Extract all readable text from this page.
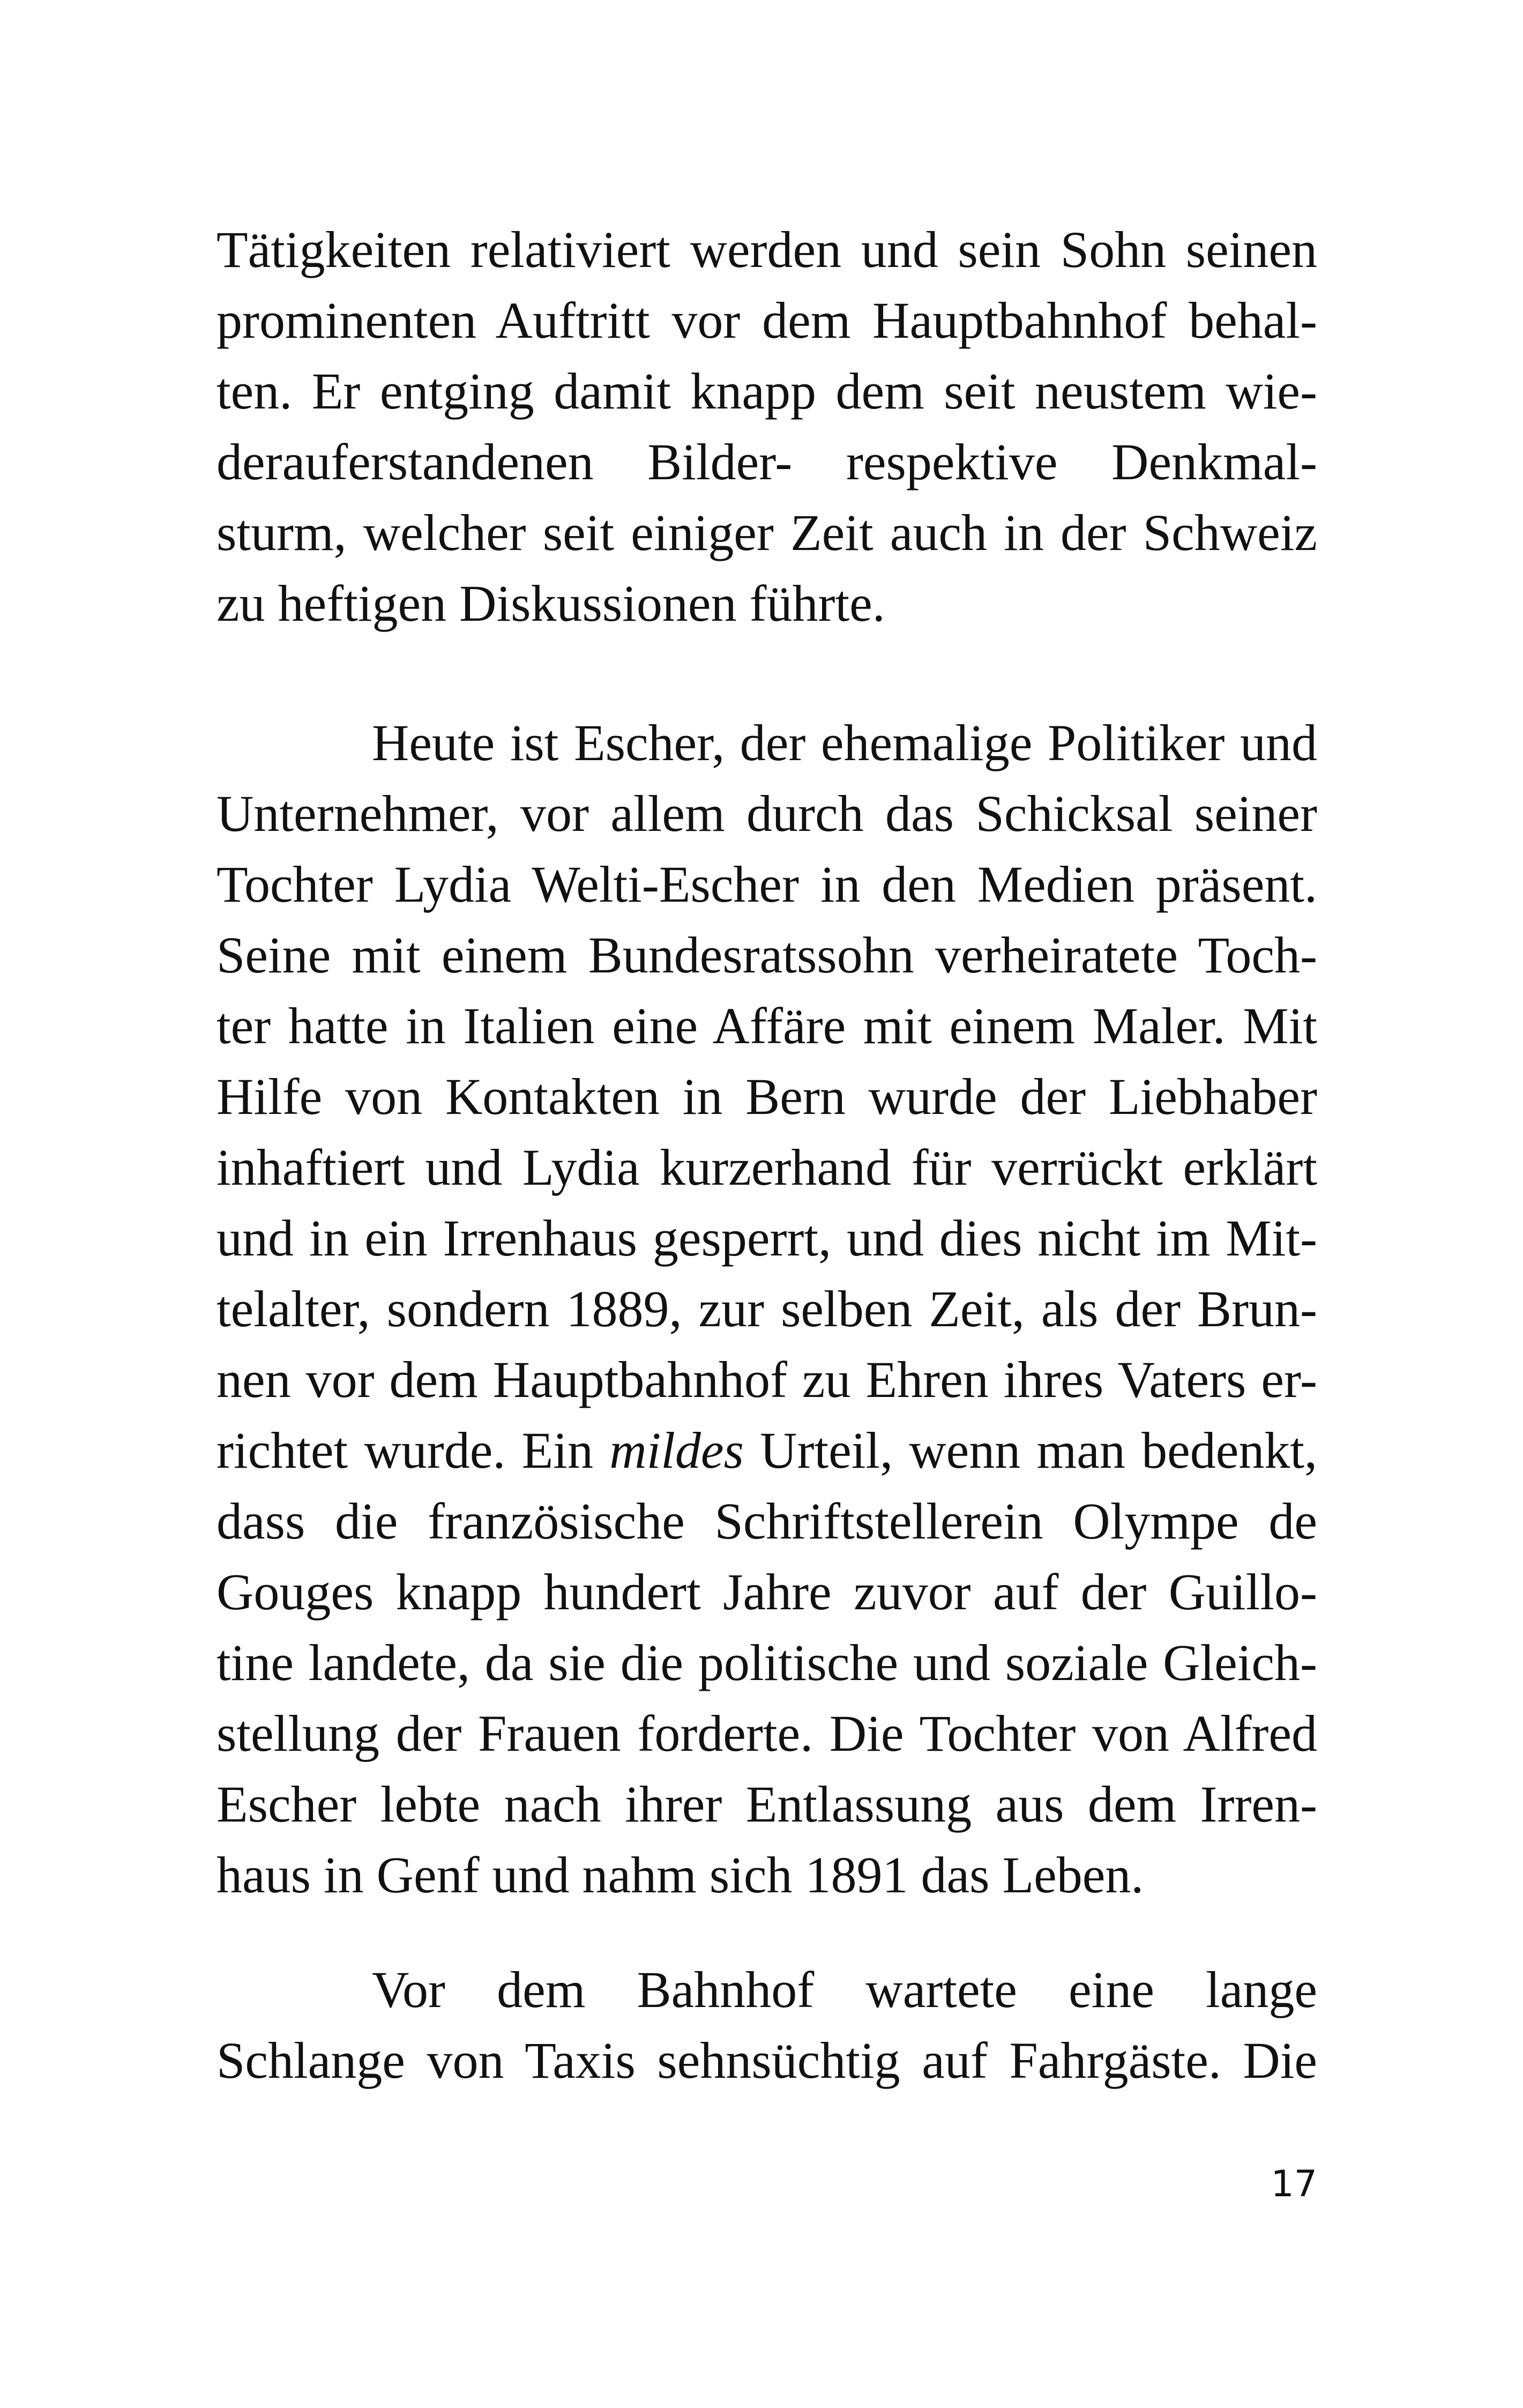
Tätigkeiten relativiert werden und sein Sohn seinen
prominenten Auftritt vor dem Hauptbahnhof behal-
ten. Er entging damit knapp dem seit neustem wie-
derauferstandenen Bilder- respektive Denkmal-
sturm, welcher seit einiger Zeit auch in der Schweiz
zu heftigen Diskussionen führte.
Heute ist Escher, der ehemalige Politiker und
Unternehmer, vor allem durch das Schicksal seiner
Tochter Lydia Welti-Escher in den Medien präsent.
Seine mit einem Bundesratssohn verheiratete Toch-
ter hatte in Italien eine Affäre mit einem Maler. Mit
Hilfe von Kontakten in Bern wurde der Liebhaber
inhaftiert und Lydia kurzerhand für verrückt erklärt
und in ein Irrenhaus gesperrt, und dies nicht im Mit-
telalter, sondern 1889, zur selben Zeit, als der Brun-
nen vor dem Hauptbahnhof zu Ehren ihres Vaters er-
richtet wurde. Ein mildes Urteil, wenn man bedenkt,
dass die französische Schriftstellerein Olympe de
Gouges knapp hundert Jahre zuvor auf der Guillo-
tine landete, da sie die politische und soziale Gleich-
stellung der Frauen forderte. Die Tochter von Alfred
Escher lebte nach ihrer Entlassung aus dem Irren-
haus in Genf und nahm sich 1891 das Leben.
Vor dem Bahnhof wartete eine lange
Schlange von Taxis sehnsüchtig auf Fahrgäste. Die
17
